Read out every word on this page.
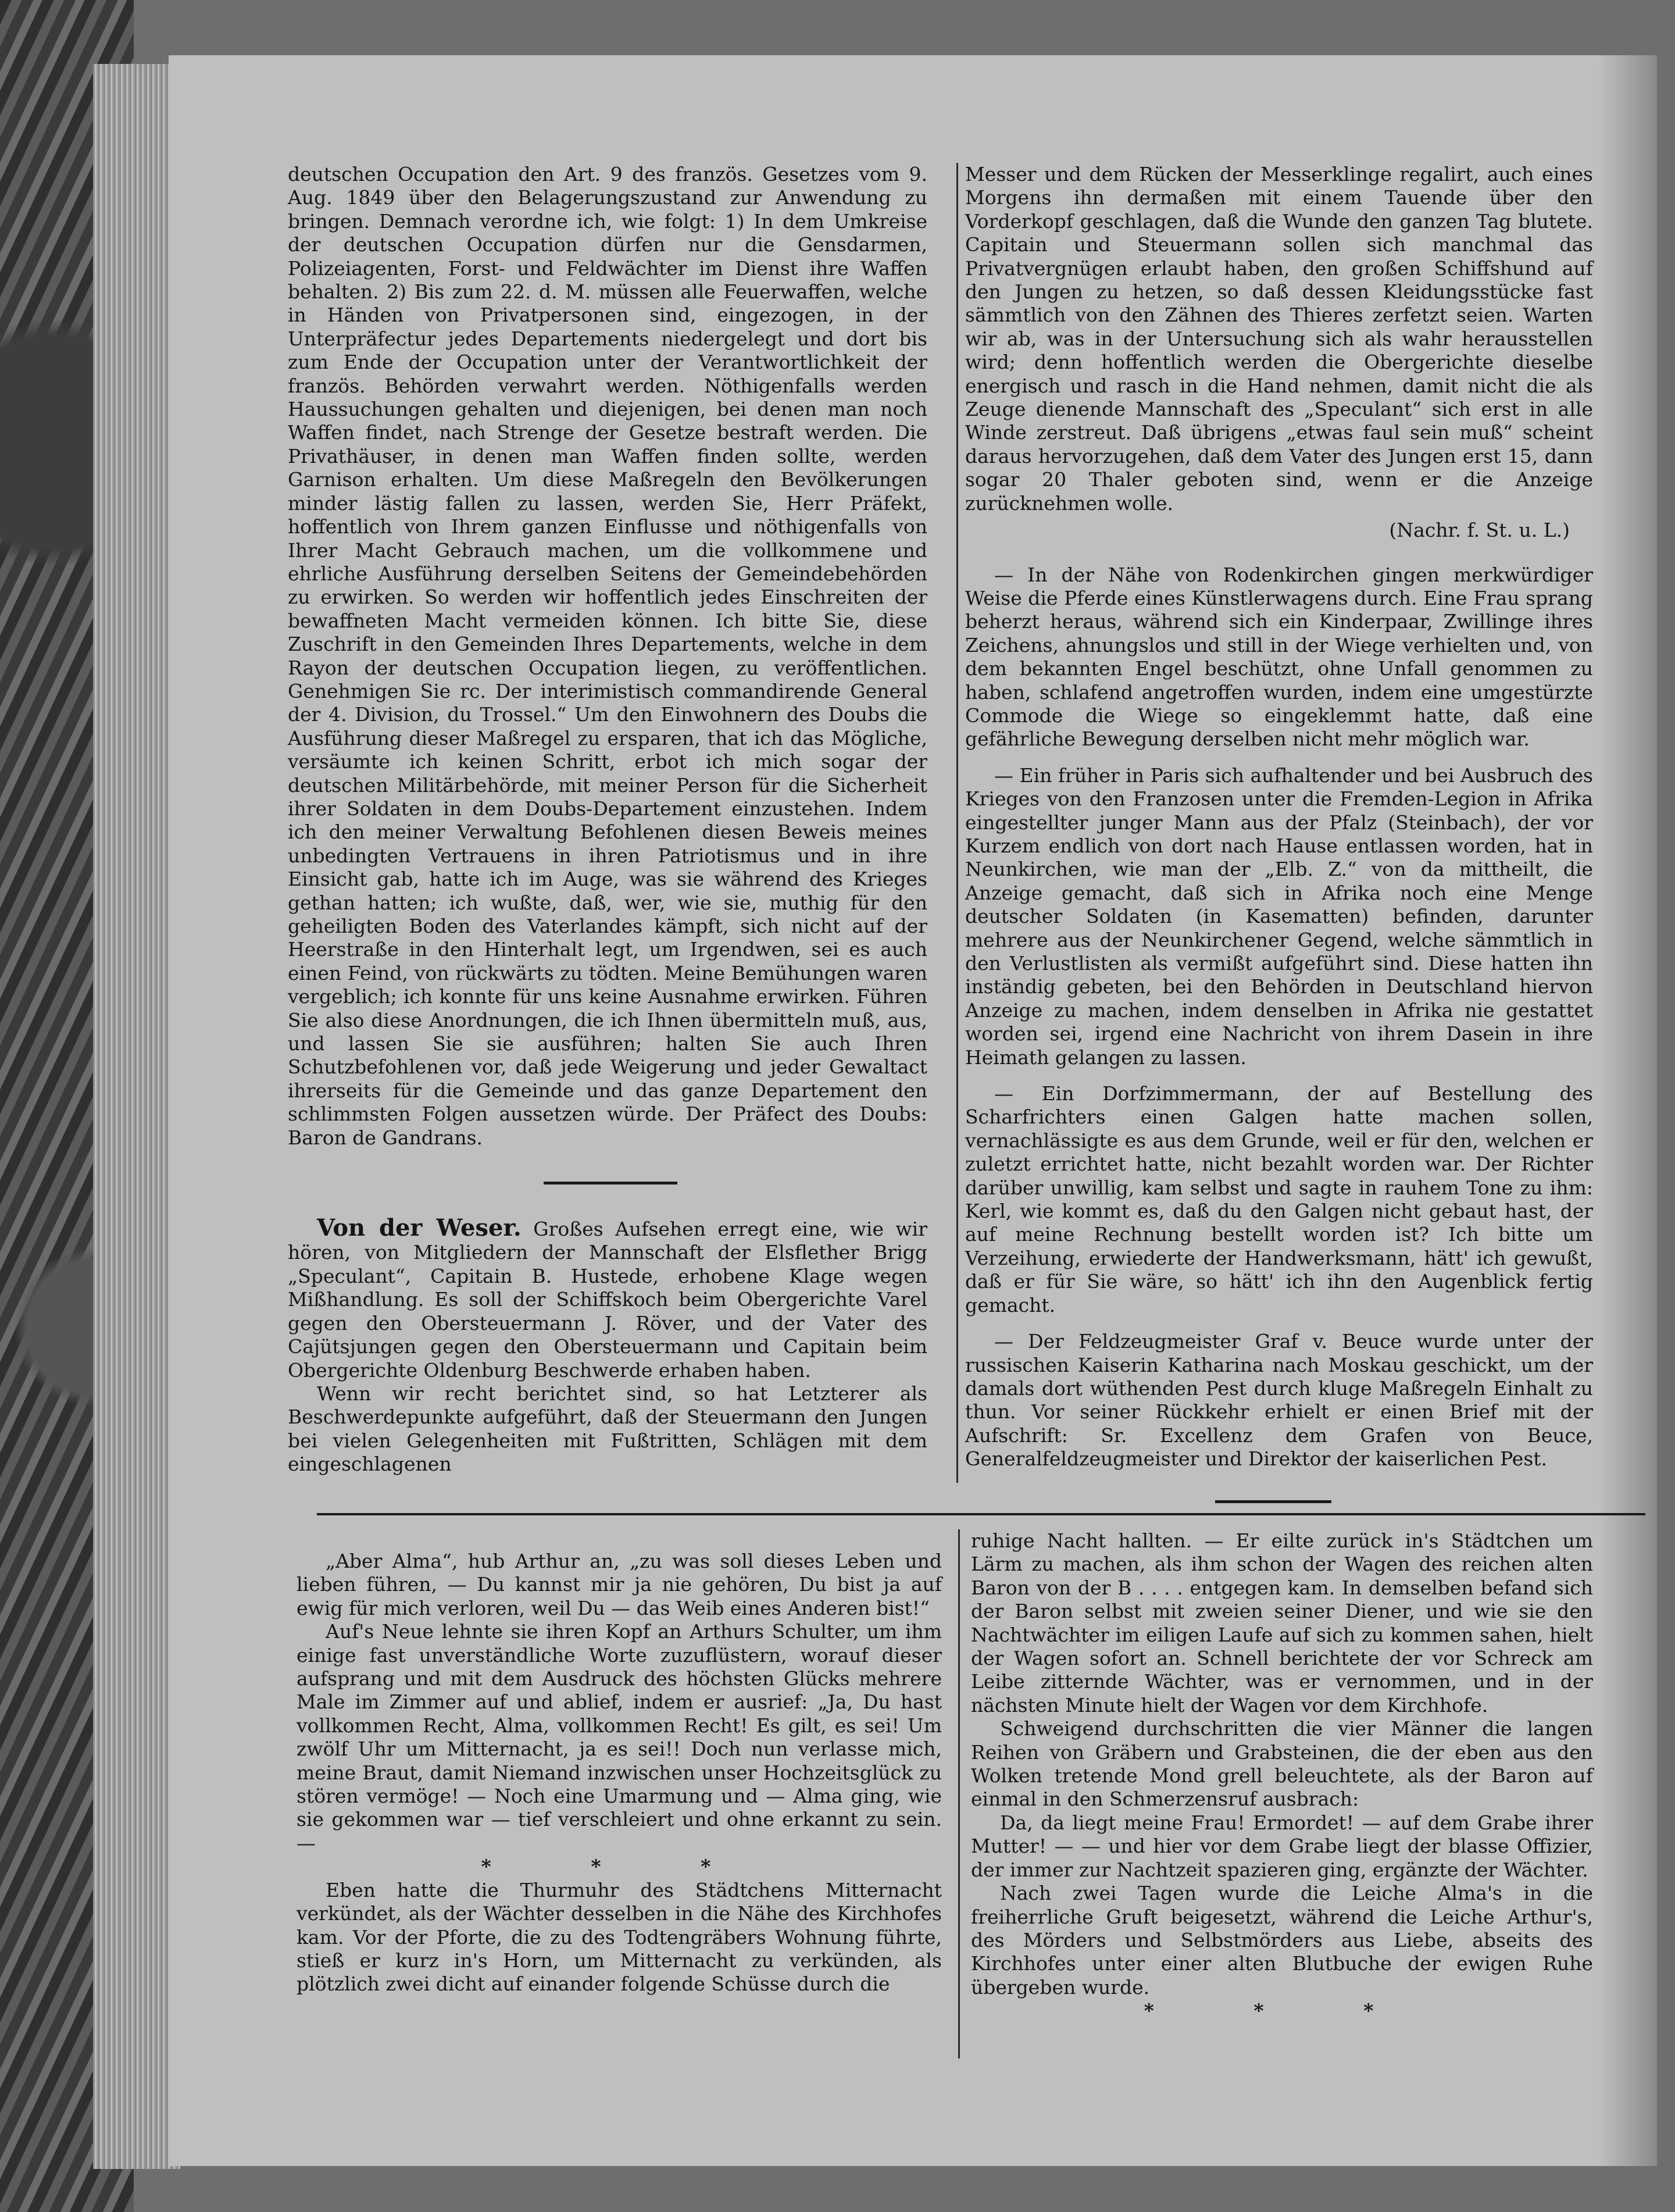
deutschen Occupation den Art. 9 des französ. Gesetzes vom 9. Aug. 1849 über den Belagerungszustand zur Anwendung zu bringen. Demnach verordne ich, wie folgt: 1) In dem Umkreise der deutschen Occupation dürfen nur die Gensdarmen, Polizeiagenten, Forst- und Feldwächter im Dienst ihre Waffen behalten. 2) Bis zum 22. d. M. müssen alle Feuerwaffen, welche in Händen von Privatpersonen sind, eingezogen, in der Unterpräfectur jedes Departements niedergelegt und dort bis zum Ende der Occupation unter der Verantwortlichkeit der französ. Behörden verwahrt werden. Nöthigenfalls werden Haussuchungen gehalten und diejenigen, bei denen man noch Waffen findet, nach Strenge der Gesetze bestraft werden. Die Privathäuser, in denen man Waffen finden sollte, werden Garnison erhalten. Um diese Maßregeln den Bevölkerungen minder lästig fallen zu lassen, werden Sie, Herr Präfekt, hoffentlich von Ihrem ganzen Einflusse und nöthigenfalls von Ihrer Macht Gebrauch machen, um die vollkommene und ehrliche Ausführung derselben Seitens der Gemeindebehörden zu erwirken. So werden wir hoffentlich jedes Einschreiten der bewaffneten Macht vermeiden können. Ich bitte Sie, diese Zuschrift in den Gemeinden Ihres Departements, welche in dem Rayon der deutschen Occupation liegen, zu veröffentlichen. Genehmigen Sie rc. Der interimistisch commandirende General der 4. Division, du Trossel.“ Um den Einwohnern des Doubs die Ausführung dieser Maßregel zu ersparen, that ich das Mögliche, versäumte ich keinen Schritt, erbot ich mich sogar der deutschen Militärbehörde, mit meiner Person für die Sicherheit ihrer Soldaten in dem Doubs-Departement einzustehen. Indem ich den meiner Verwaltung Befohlenen diesen Beweis meines unbedingten Vertrauens in ihren Patriotismus und in ihre Einsicht gab, hatte ich im Auge, was sie während des Krieges gethan hatten; ich wußte, daß, wer, wie sie, muthig für den geheiligten Boden des Vaterlandes kämpft, sich nicht auf der Heerstraße in den Hinterhalt legt, um Irgendwen, sei es auch einen Feind, von rückwärts zu tödten. Meine Bemühungen waren vergeblich; ich konnte für uns keine Ausnahme erwirken. Führen Sie also diese Anordnungen, die ich Ihnen übermitteln muß, aus, und lassen Sie sie ausführen; halten Sie auch Ihren Schutzbefohlenen vor, daß jede Weigerung und jeder Gewaltact ihrerseits für die Gemeinde und das ganze Departement den schlimmsten Folgen aussetzen würde. Der Präfect des Doubs: Baron de Gandrans.

Von der Weser. Großes Aufsehen erregt eine, wie wir hören, von Mitgliedern der Mannschaft der Elsflether Brigg „Speculant“, Capitain B. Hustede, erhobene Klage wegen Mißhandlung. Es soll der Schiffskoch beim Obergerichte Varel gegen den Obersteuermann J. Röver, und der Vater des Cajütsjungen gegen den Obersteuermann und Capitain beim Obergerichte Oldenburg Beschwerde erhaben haben.

Wenn wir recht berichtet sind, so hat Letzterer als Beschwerdepunkte aufgeführt, daß der Steuermann den Jungen bei vielen Gelegenheiten mit Fußtritten, Schlägen mit dem eingeschlagenen

Messer und dem Rücken der Messerklinge regalirt, auch eines Morgens ihn dermaßen mit einem Tauende über den Vorderkopf geschlagen, daß die Wunde den ganzen Tag blutete. Capitain und Steuermann sollen sich manchmal das Privatvergnügen erlaubt haben, den großen Schiffshund auf den Jungen zu hetzen, so daß dessen Kleidungsstücke fast sämmtlich von den Zähnen des Thieres zerfetzt seien. Warten wir ab, was in der Untersuchung sich als wahr herausstellen wird; denn hoffentlich werden die Obergerichte dieselbe energisch und rasch in die Hand nehmen, damit nicht die als Zeuge dienende Mannschaft des „Speculant“ sich erst in alle Winde zerstreut. Daß übrigens „etwas faul sein muß“ scheint daraus hervorzugehen, daß dem Vater des Jungen erst 15, dann sogar 20 Thaler geboten sind, wenn er die Anzeige zurücknehmen wolle.

(Nachr. f. St. u. L.)

— In der Nähe von Rodenkirchen gingen merkwürdiger Weise die Pferde eines Künstlerwagens durch. Eine Frau sprang beherzt heraus, während sich ein Kinderpaar, Zwillinge ihres Zeichens, ahnungslos und still in der Wiege verhielten und, von dem bekannten Engel beschützt, ohne Unfall genommen zu haben, schlafend angetroffen wurden, indem eine umgestürzte Commode die Wiege so eingeklemmt hatte, daß eine gefährliche Bewegung derselben nicht mehr möglich war.

— Ein früher in Paris sich aufhaltender und bei Ausbruch des Krieges von den Franzosen unter die Fremden-Legion in Afrika eingestellter junger Mann aus der Pfalz (Steinbach), der vor Kurzem endlich von dort nach Hause entlassen worden, hat in Neunkirchen, wie man der „Elb. Z.“ von da mittheilt, die Anzeige gemacht, daß sich in Afrika noch eine Menge deutscher Soldaten (in Kasematten) befinden, darunter mehrere aus der Neunkirchener Gegend, welche sämmtlich in den Verlustlisten als vermißt aufgeführt sind. Diese hatten ihn inständig gebeten, bei den Behörden in Deutschland hiervon Anzeige zu machen, indem denselben in Afrika nie gestattet worden sei, irgend eine Nachricht von ihrem Dasein in ihre Heimath gelangen zu lassen.

— Ein Dorfzimmermann, der auf Bestellung des Scharfrichters einen Galgen hatte machen sollen, vernachlässigte es aus dem Grunde, weil er für den, welchen er zuletzt errichtet hatte, nicht bezahlt worden war. Der Richter darüber unwillig, kam selbst und sagte in rauhem Tone zu ihm: Kerl, wie kommt es, daß du den Galgen nicht gebaut hast, der auf meine Rechnung bestellt worden ist? Ich bitte um Verzeihung, erwiederte der Handwerksmann, hätt' ich gewußt, daß er für Sie wäre, so hätt' ich ihn den Augenblick fertig gemacht.

— Der Feldzeugmeister Graf v. Beuce wurde unter der russischen Kaiserin Katharina nach Moskau geschickt, um der damals dort wüthenden Pest durch kluge Maßregeln Einhalt zu thun. Vor seiner Rückkehr erhielt er einen Brief mit der Aufschrift: Sr. Excellenz dem Grafen von Beuce, Generalfeldzeugmeister und Direktor der kaiserlichen Pest.

„Aber Alma“, hub Arthur an, „zu was soll dieses Leben und lieben führen, — Du kannst mir ja nie gehören, Du bist ja auf ewig für mich verloren, weil Du — das Weib eines Anderen bist!“

Auf's Neue lehnte sie ihren Kopf an Arthurs Schulter, um ihm einige fast unverständliche Worte zuzuflüstern, worauf dieser aufsprang und mit dem Ausdruck des höchsten Glücks mehrere Male im Zimmer auf und ablief, indem er ausrief: „Ja, Du hast vollkommen Recht, Alma, vollkommen Recht! Es gilt, es sei! Um zwölf Uhr um Mitternacht, ja es sei!! Doch nun verlasse mich, meine Braut, damit Niemand inzwischen unser Hochzeitsglück zu stören vermöge! — Noch eine Umarmung und — Alma ging, wie sie gekommen war — tief verschleiert und ohne erkannt zu sein. —

* * *

Eben hatte die Thurmuhr des Städtchens Mitternacht verkündet, als der Wächter desselben in die Nähe des Kirchhofes kam. Vor der Pforte, die zu des Todtengräbers Wohnung führte, stieß er kurz in's Horn, um Mitternacht zu verkünden, als plötzlich zwei dicht auf einander folgende Schüsse durch die

ruhige Nacht hallten. — Er eilte zurück in's Städtchen um Lärm zu machen, als ihm schon der Wagen des reichen alten Baron von der B . . . . entgegen kam. In demselben befand sich der Baron selbst mit zweien seiner Diener, und wie sie den Nachtwächter im eiligen Laufe auf sich zu kommen sahen, hielt der Wagen sofort an. Schnell berichtete der vor Schreck am Leibe zitternde Wächter, was er vernommen, und in der nächsten Minute hielt der Wagen vor dem Kirchhofe.

Schweigend durchschritten die vier Männer die langen Reihen von Gräbern und Grabsteinen, die der eben aus den Wolken tretende Mond grell beleuchtete, als der Baron auf einmal in den Schmerzensruf ausbrach:

Da, da liegt meine Frau! Ermordet! — auf dem Grabe ihrer Mutter! — — und hier vor dem Grabe liegt der blasse Offizier, der immer zur Nachtzeit spazieren ging, ergänzte der Wächter.

Nach zwei Tagen wurde die Leiche Alma's in die freiherrliche Gruft beigesetzt, während die Leiche Arthur's, des Mörders und Selbstmörders aus Liebe, abseits des Kirchhofes unter einer alten Blutbuche der ewigen Ruhe übergeben wurde.

* * *
